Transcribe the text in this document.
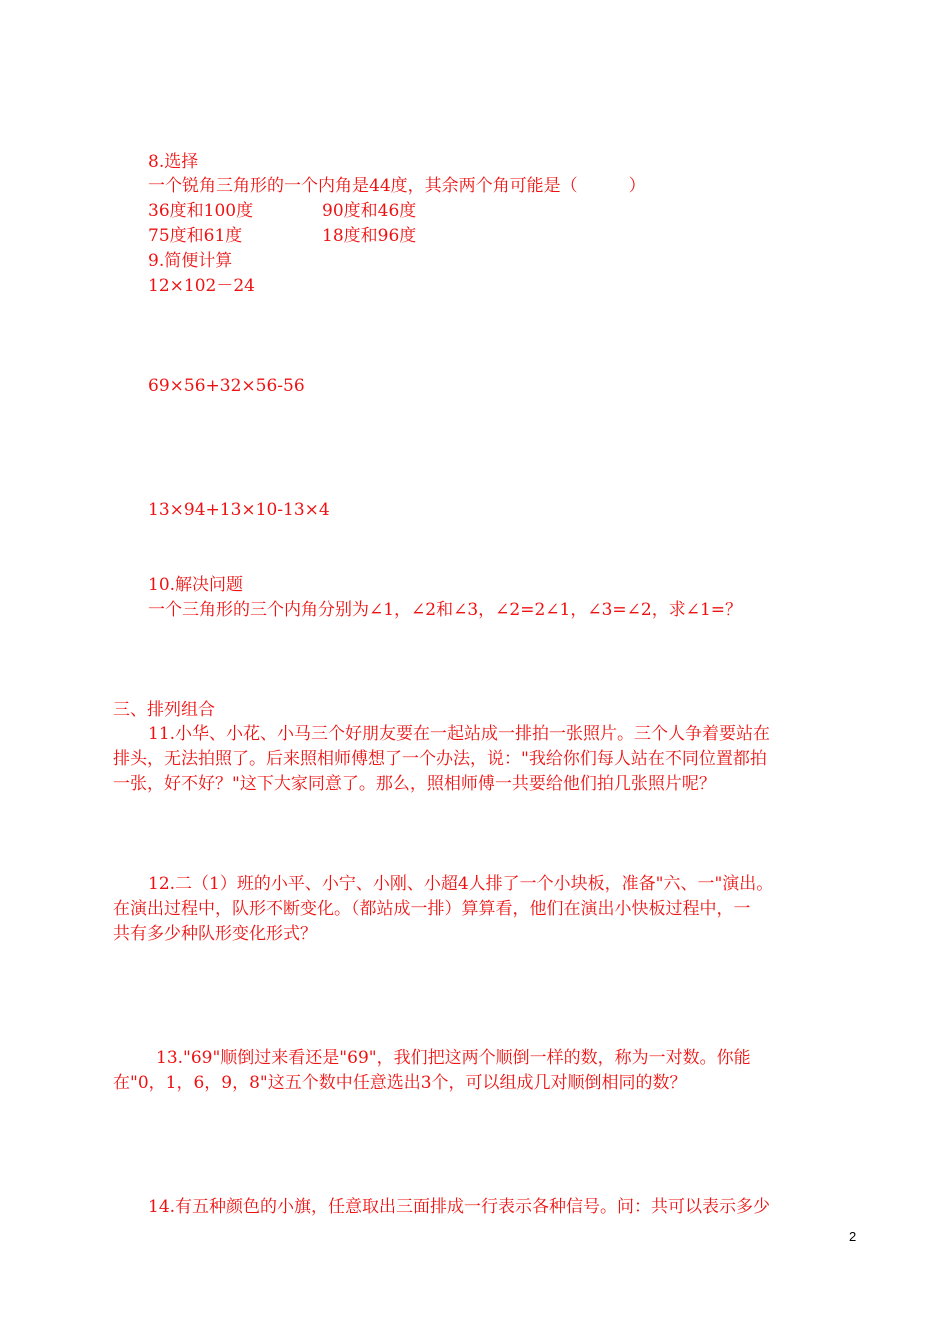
8.选择
一个锐角三角形的一个内角是44度，其余两个角可能是（　　　）
36度和100度	90度和46度
75度和61度	18度和96度
9.简便计算
12×102－24
69×56+32×56-56
13×94+13×10-13×4
10.解决问题
一个三角形的三个内角分别为∠1，∠2和∠3，∠2=2∠1，∠3=∠2，求∠1=？
三、排列组合
11.小华、小花、小马三个好朋友要在一起站成一排拍一张照片。三个人争着要站在
排头，无法拍照了。后来照相师傅想了一个办法，说："我给你们每人站在不同位置都拍
一张，好不好？"这下大家同意了。那么，照相师傅一共要给他们拍几张照片呢？
12.二（1）班的小平、小宁、小刚、小超4人排了一个小块板，准备"六、一"演出。
在演出过程中，队形不断变化。（都站成一排）算算看，他们在演出小快板过程中，一
共有多少种队形变化形式？
13."69"顺倒过来看还是"69"，我们把这两个顺倒一样的数，称为一对数。你能
在"0，1，6，9，8"这五个数中任意选出3个，可以组成几对顺倒相同的数？
14.有五种颜色的小旗，任意取出三面排成一行表示各种信号。问：共可以表示多少
2
